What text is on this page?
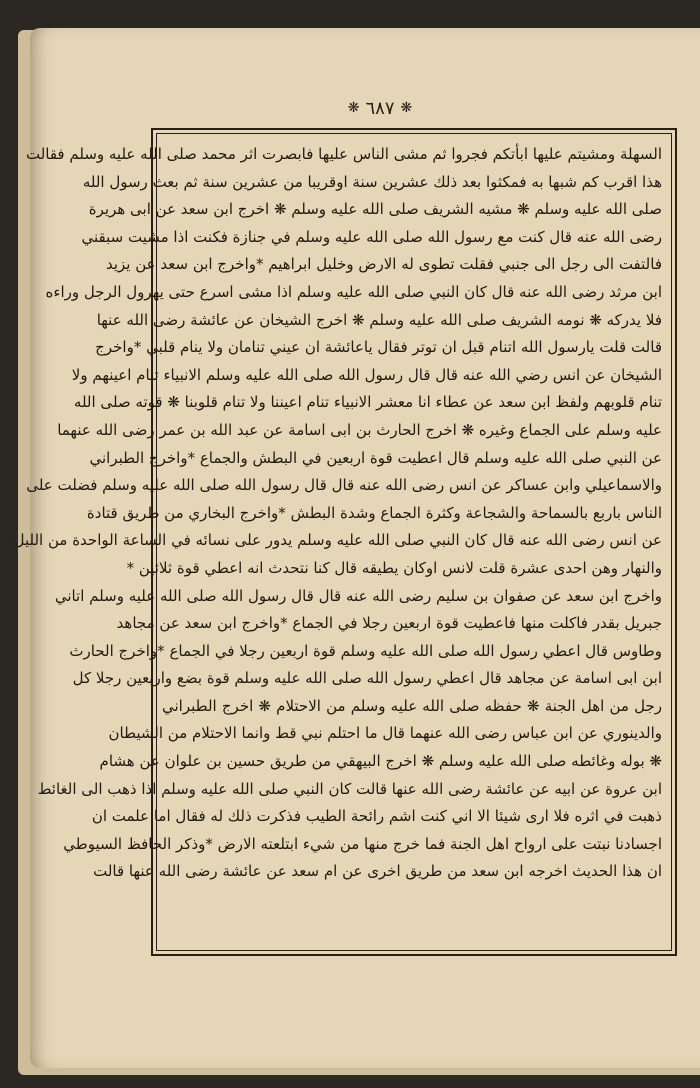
❋ ٦٨٧ ❋
السهلة ومشيتم عليها ابأتكم فجروا ثم مشى الناس عليها فابصرت اثر محمد صلى الله عليه وسلم فقالت
هذا اقرب كم شبها به فمكثوا بعد ذلك عشرين سنة اوقريبا من عشرين سنة ثم بعث رسول الله
صلى الله عليه وسلم ❋ مشيه الشريف صلى الله عليه وسلم ❋ اخرج ابن سعد عن ابى هريرة
رضى الله عنه قال كنت مع رسول الله صلى الله عليه وسلم في جنازة فكنت اذا مشيت سبقني
فالتفت الى رجل الى جنبي فقلت تطوى له الارض وخليل ابراهيم *واخرج ابن سعد عن يزيد
ابن مرثد رضى الله عنه قال كان النبي صلى الله عليه وسلم اذا مشى اسرع حتى يهرول الرجل وراءه
فلا يدركه ❋ نومه الشريف صلى الله عليه وسلم ❋ اخرج الشيخان عن عائشة رضى الله عنها
قالت قلت يارسول الله اتنام قبل ان توتر فقال ياعائشة ان عيني تنامان ولا ينام قلبي *واخرج
الشيخان عن انس رضي الله عنه قال قال رسول الله صلى الله عليه وسلم الانبياء تنام اعينهم ولا
تنام قلوبهم ولفظ ابن سعد عن عطاء انا معشر الانبياء تنام اعيننا ولا تنام قلوبنا ❋ قوته صلى الله
عليه وسلم على الجماع وغيره ❋ اخرج الحارث بن ابى اسامة عن عبد الله بن عمر رضى الله عنهما
عن النبي صلى الله عليه وسلم قال اعطيت قوة اربعين في البطش والجماع *واخرج الطبراني
والاسماعيلي وابن عساكر عن انس رضى الله عنه قال قال رسول الله صلى الله عليه وسلم فضلت على
الناس باربع بالسماحة والشجاعة وكثرة الجماع وشدة البطش *واخرج البخاري من طريق قتادة
عن انس رضى الله عنه قال كان النبي صلى الله عليه وسلم يدور على نسائه في الساعة الواحدة من الليل
والنهار وهن احدى عشرة قلت لانس اوكان يطيقه قال كنا نتحدث انه اعطي قوة ثلاثين *
واخرج ابن سعد عن صفوان بن سليم رضى الله عنه قال قال رسول الله صلى الله عليه وسلم اتاني
جبريل بقدر فاكلت منها فاعطيت قوة اربعين رجلا في الجماع *واخرج ابن سعد عن مجاهد
وطاوس قال اعطي رسول الله صلى الله عليه وسلم قوة اربعين رجلا في الجماع *واخرج الحارث
ابن ابى اسامة عن مجاهد قال اعطي رسول الله صلى الله عليه وسلم قوة بضع واربعين رجلا كل
رجل من اهل الجنة ❋ حفظه صلى الله عليه وسلم من الاحتلام ❋ اخرج الطبراني
والدينوري عن ابن عباس رضى الله عنهما قال ما احتلم نبي قط وانما الاحتلام من الشيطان
❋ بوله وغائطه صلى الله عليه وسلم ❋ اخرج البيهقي من طريق حسين بن علوان عن هشام
ابن عروة عن ابيه عن عائشة رضى الله عنها قالت كان النبي صلى الله عليه وسلم اذا ذهب الى الغائط
ذهبت في اثره فلا ارى شيئا الا اني كنت اشم رائحة الطيب فذكرت ذلك له فقال اما علمت ان
اجسادنا نبتت على ارواح اهل الجنة فما خرج منها من شيء ابتلعته الارض *وذكر الحافظ السيوطي
ان هذا الحديث اخرجه ابن سعد من طريق اخرى عن ام سعد عن عائشة رضى الله عنها قالت
